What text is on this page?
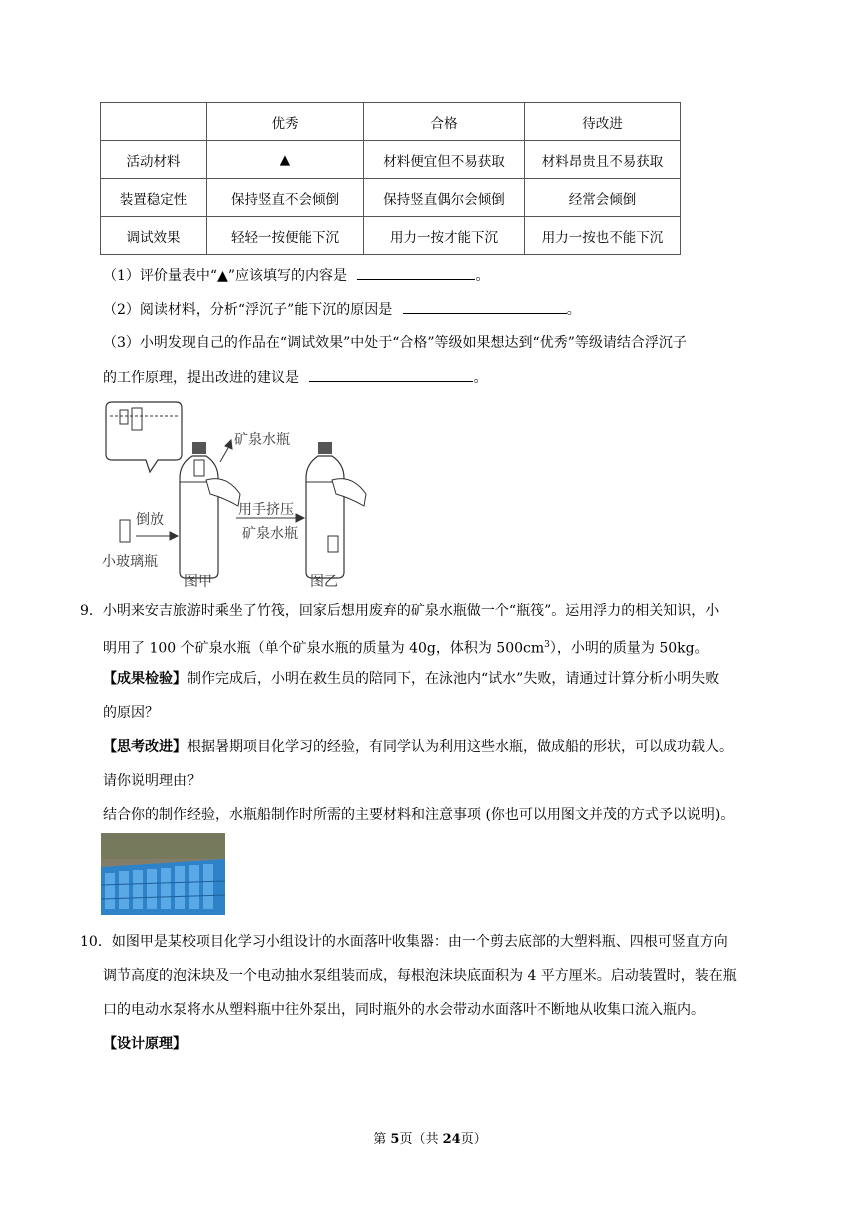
	优秀	合格	待改进
活动材料	▲	材料便宜但不易获取	材料昂贵且不易获取
装置稳定性	保持竖直不会倾倒	保持竖直偶尔会倾倒	经常会倾倒
调试效果	轻轻一按便能下沉	用力一按才能下沉	用力一按也不能下沉
（1）评价量表中“▲”应该填写的内容是	。
（2）阅读材料，分析“浮沉子”能下沉的原因是	。
（3）小明发现自己的作品在“调试效果”中处于“合格”等级如果想达到“优秀”等级请结合浮沉子
的工作原理，提出改进的建议是	。
矿泉水瓶
倒放
小玻璃瓶
用手挤压
矿泉水瓶
图甲	图乙
9．小明来安吉旅游时乘坐了竹筏，回家后想用废弃的矿泉水瓶做一个“瓶筏”。运用浮力的相关知识，小
明用了 100 个矿泉水瓶（单个矿泉水瓶的质量为 40g，体积为 $500cm^3$），小明的质量为 50kg。
【成果检验】制作完成后，小明在救生员的陪同下，在泳池内“试水”失败，请通过计算分析小明失败
的原因？
【思考改进】根据暑期项目化学习的经验，有同学认为利用这些水瓶，做成船的形状，可以成功载人。
请你说明理由？
结合你的制作经验，水瓶船制作时所需的主要材料和注意事项 (你也可以用图文并茂的方式予以说明)。
10．如图甲是某校项目化学习小组设计的水面落叶收集器：由一个剪去底部的大塑料瓶、四根可竖直方向
调节高度的泡沫块及一个电动抽水泵组装而成，每根泡沫块底面积为 4 平方厘米。启动装置时，装在瓶
口的电动水泵将水从塑料瓶中往外泵出，同时瓶外的水会带动水面落叶不断地从收集口流入瓶内。
【设计原理】
第 5页（共 24页）
